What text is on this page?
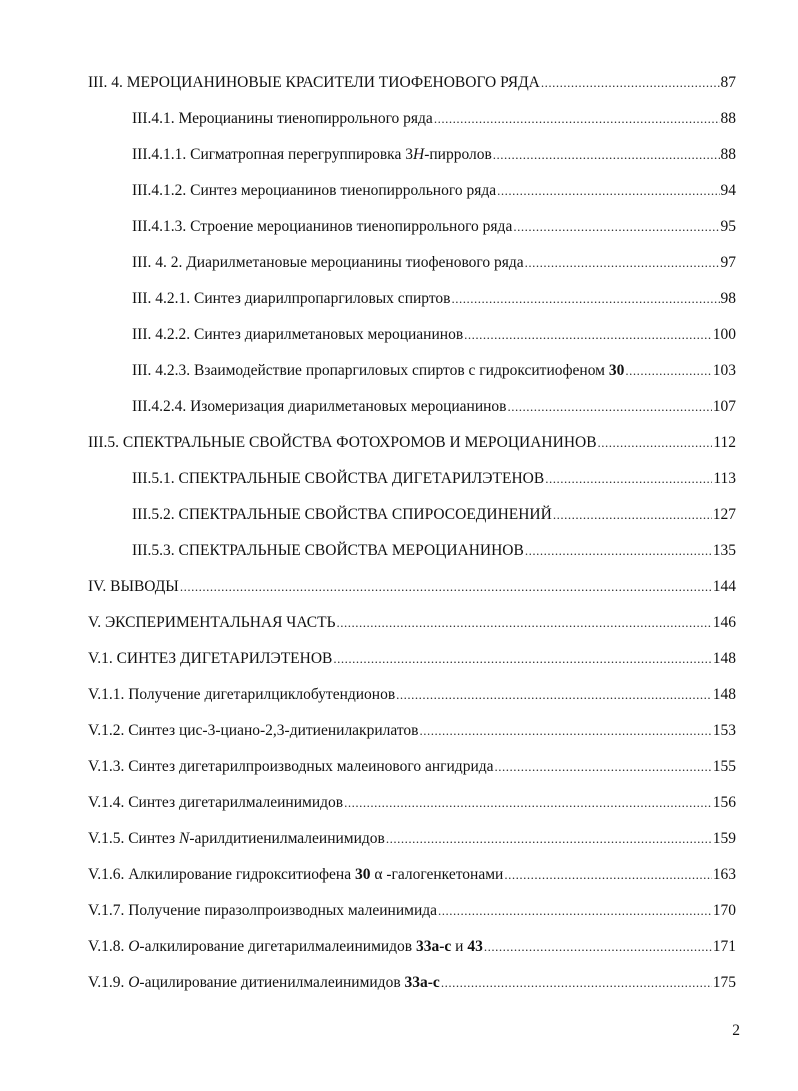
III. 4. МЕРОЦИАНИНОВЫЕ КРАСИТЕЛИ ТИОФЕНОВОГО РЯДА .....	87
III.4.1. Мероцианины тиенопиррольного ряда .....	88
III.4.1.1. Сигматропная перегруппировка 3H-пирролов .....	88
III.4.1.2. Синтез мероцианинов тиенопиррольного ряда .....	94
III.4.1.3. Строение мероцианинов тиенопиррольного ряда .....	95
III. 4. 2. Диарилметановые мероцианины тиофенового ряда .....	97
III. 4.2.1. Синтез диарилпропаргиловых спиртов .....	98
III. 4.2.2. Синтез диарилметановых мероцианинов .....	100
III. 4.2.3. Взаимодействие пропаргиловых спиртов с гидрокситиофеном 30 .....	103
III.4.2.4. Изомеризация диарилметановых мероцианинов .....	107
III.5. СПЕКТРАЛЬНЫЕ СВОЙСТВА ФОТОХРОМОВ И МЕРОЦИАНИНОВ .....	112
III.5.1. СПЕКТРАЛЬНЫЕ СВОЙСТВА ДИГЕТАРИЛЭТЕНОВ .....	113
III.5.2. СПЕКТРАЛЬНЫЕ СВОЙСТВА СПИРОСОЕДИНЕНИЙ .....	127
III.5.3. СПЕКТРАЛЬНЫЕ СВОЙСТВА МЕРОЦИАНИНОВ .....	135
IV. ВЫВОДЫ .....	144
V. ЭКСПЕРИМЕНТАЛЬНАЯ ЧАСТЬ .....	146
V.1. СИНТЕЗ ДИГЕТАРИЛЭТЕНОВ .....	148
V.1.1. Получение дигетарилциклобутендионов .....	148
V.1.2. Синтез цис-3-циано-2,3-дитиенилакрилатов .....	153
V.1.3. Синтез дигетарилпроизводных малеинового ангидрида .....	155
V.1.4. Синтез дигетарилмалеинимидов .....	156
V.1.5. Синтез N-арилдитиенилмалеинимидов .....	159
V.1.6. Алкилирование гидрокситиофена 30 α -галогенкетонами .....	163
V.1.7. Получение пиразолпроизводных малеинимида .....	170
V.1.8. O-алкилирование дигетарилмалеинимидов 33a-c и 43 .....	171
V.1.9. O-ацилирование дитиенилмалеинимидов 33a-c .....	175
2
